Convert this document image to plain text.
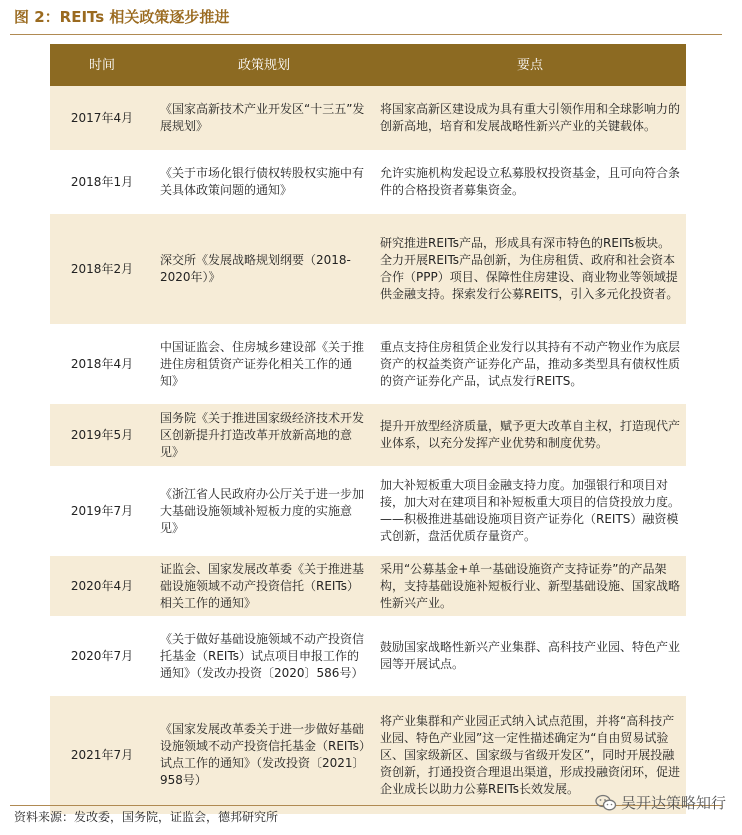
图 2：REITs 相关政策逐步推进
时间	政策规划	要点
2017年4月	《国家高新技术产业开发区“十三五”发展规划》	将国家高新区建设成为具有重大引领作用和全球影响力的创新高地，培育和发展战略性新兴产业的关键载体。
2018年1月	《关于市场化银行债权转股权实施中有关具体政策问题的通知》	允许实施机构发起设立私募股权投资基金，且可向符合条件的合格投资者募集资金。
2018年2月	深交所《发展战略规划纲要（2018-2020年）》	研究推进REITs产品，形成具有深市特色的REITs板块。全力开展REITs产品创新，为住房租赁、政府和社会资本合作（PPP）项目、保障性住房建设、商业物业等领域提供金融支持。探索发行公募REITS，引入多元化投资者。
2018年4月	中国证监会、住房城乡建设部《关于推进住房租赁资产证券化相关工作的通知》	重点支持住房租赁企业发行以其持有不动产物业作为底层资产的权益类资产证券化产品，推动多类型具有债权性质的资产证券化产品，试点发行REITS。
2019年5月	国务院《关于推进国家级经济技术开发区创新提升打造改革开放新高地的意见》	提升开放型经济质量，赋予更大改革自主权，打造现代产业体系，以充分发挥产业优势和制度优势。
2019年7月	《浙江省人民政府办公厅关于进一步加大基础设施领域补短板力度的实施意见》	加大补短板重大项目金融支持力度。加强银行和项目对接，加大对在建项目和补短板重大项目的信贷投放力度。——积极推进基础设施项目资产证券化（REITS）融资模式创新，盘活优质存量资产。
2020年4月	证监会、国家发展改革委《关于推进基础设施领域不动产投资信托（REITs）相关工作的通知》	采用“公募基金+单一基础设施资产支持证券”的产品架构，支持基础设施补短板行业、新型基础设施、国家战略性新兴产业。
2020年7月	《关于做好基础设施领域不动产投资信托基金（REITs）试点项目申报工作的通知》（发改办投资〔2020〕586号）	鼓励国家战略性新兴产业集群、高科技产业园、特色产业园等开展试点。
2021年7月	《国家发展改革委关于进一步做好基础设施领域不动产投资信托基金（REITs）试点工作的通知》（发改投资〔2021〕958号）	将产业集群和产业园正式纳入试点范围，并将“高科技产业园、特色产业园”这一定性描述确定为“自由贸易试验区、国家级新区、国家级与省级开发区”，同时开展投融资创新，打通投资合理退出渠道，形成投融资闭环，促进企业成长以助力公募REITs长效发展。
资料来源：发改委，国务院，证监会，德邦研究所
吴开达策略知行
